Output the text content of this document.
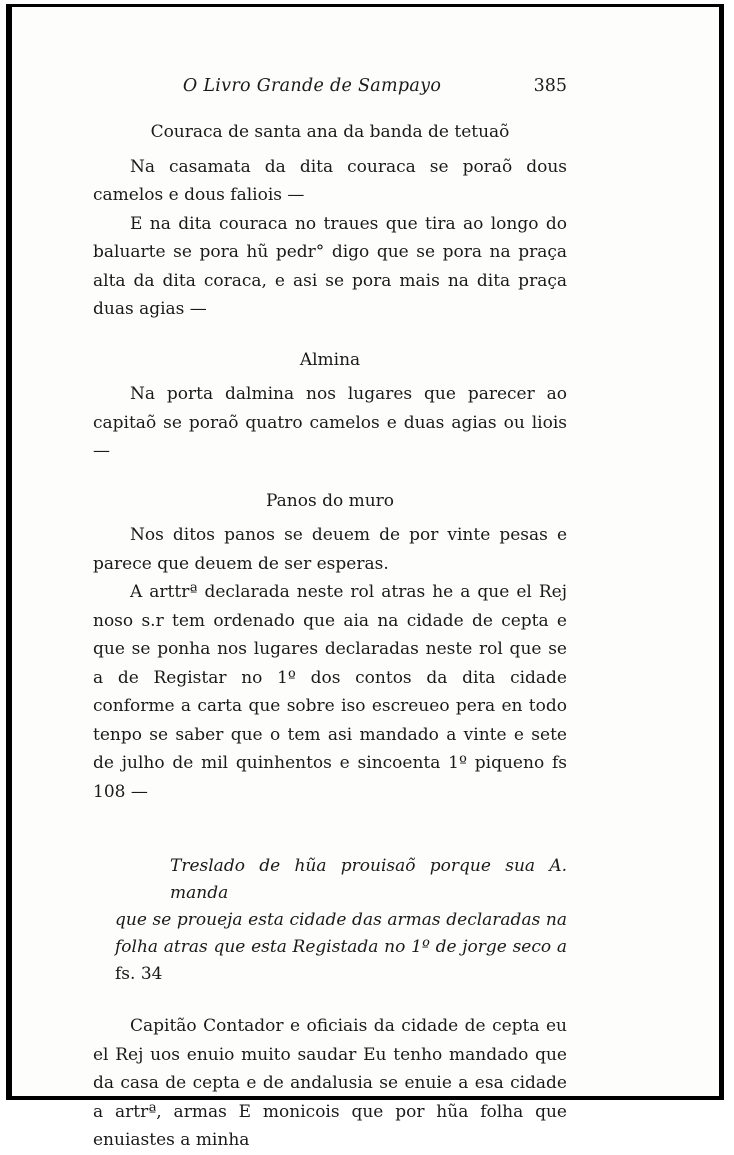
O Livro Grande de Sampayo	385
Couraca de santa ana da banda de tetuaõ

Na casamata da dita couraca se poraõ dous camelos e dous faliois —

E na dita couraca no traues que tira ao longo do baluarte se pora hũ pedr° digo que se pora na praça alta da dita coraca, e asi se pora mais na dita praça duas agias —

Almina

Na porta dalmina nos lugares que parecer ao capitaõ se poraõ quatro camelos e duas agias ou liois —

Panos do muro

Nos ditos panos se deuem de por vinte pesas e parece que deuem de ser esperas.

A arttrª declarada neste rol atras he a que el Rej noso s.r tem ordenado que aia na cidade de cepta e que se ponha nos lugares declaradas neste rol que se a de Registar no 1º dos contos da dita cidade conforme a carta que sobre iso escreueo pera en todo tenpo se saber que o tem asi mandado a vinte e sete de julho de mil quinhentos e sincoenta 1º piqueno fs 108 —

Treslado de hũa prouisaõ porque sua A. manda
que se proueja esta cidade das armas declaradas na
folha atras que esta Registada no 1º de jorge seco a fs. 34

Capitão Contador e oficiais da cidade de cepta eu el Rej uos enuio muito saudar Eu tenho mandado que da casa de cepta e de andalusia se enuie a esa cidade a artrª, armas E monicois que por hũa folha que enuiastes a minha
